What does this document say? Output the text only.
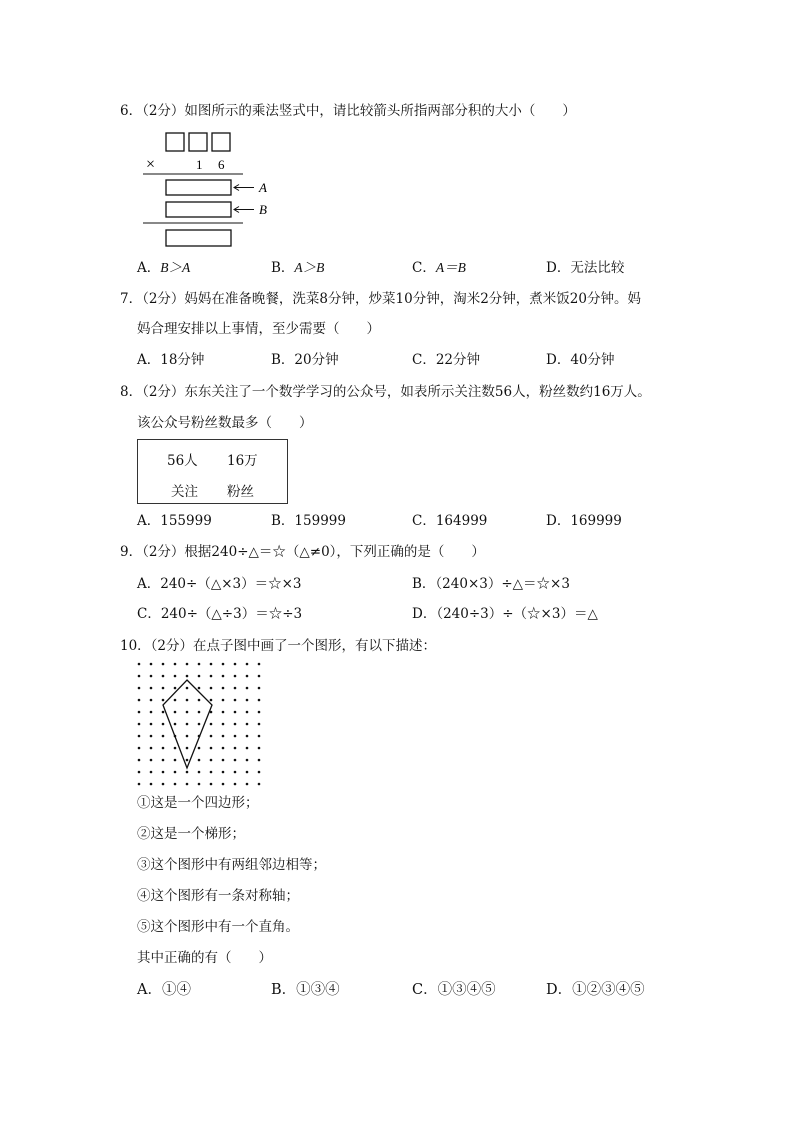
6．（2分）如图所示的乘法竖式中，请比较箭头所指两部分积的大小（　　）
×	1 6
A
B
A．B＞A	B．A＞B	C．A＝B	D．无法比较
7．（2分）妈妈在准备晚餐，洗菜8分钟，炒菜10分钟，淘米2分钟，煮米饭20分钟。妈
妈合理安排以上事情，至少需要（　　）
A．18分钟	B．20分钟	C．22分钟	D．40分钟
8．（2分）东东关注了一个数学学习的公众号，如表所示关注数56人，粉丝数约16万人。
该公众号粉丝数最多（　　）
56人 16万
关注 粉丝
A．155999	B．159999	C．164999	D．169999
9．（2分）根据240÷△＝☆（△≠0），下列正确的是（　　）
A．240÷（△×3）＝☆×3	B．（240×3）÷△＝☆×3
C．240÷（△÷3）＝☆÷3	D．（240÷3）÷（☆×3）＝△
10．（2分）在点子图中画了一个图形，有以下描述：
①这是一个四边形；
②这是一个梯形；
③这个图形中有两组邻边相等；
④这个图形有一条对称轴；
⑤这个图形中有一个直角。
其中正确的有（　　）
A．①④	B．①③④	C．①③④⑤	D．①②③④⑤
